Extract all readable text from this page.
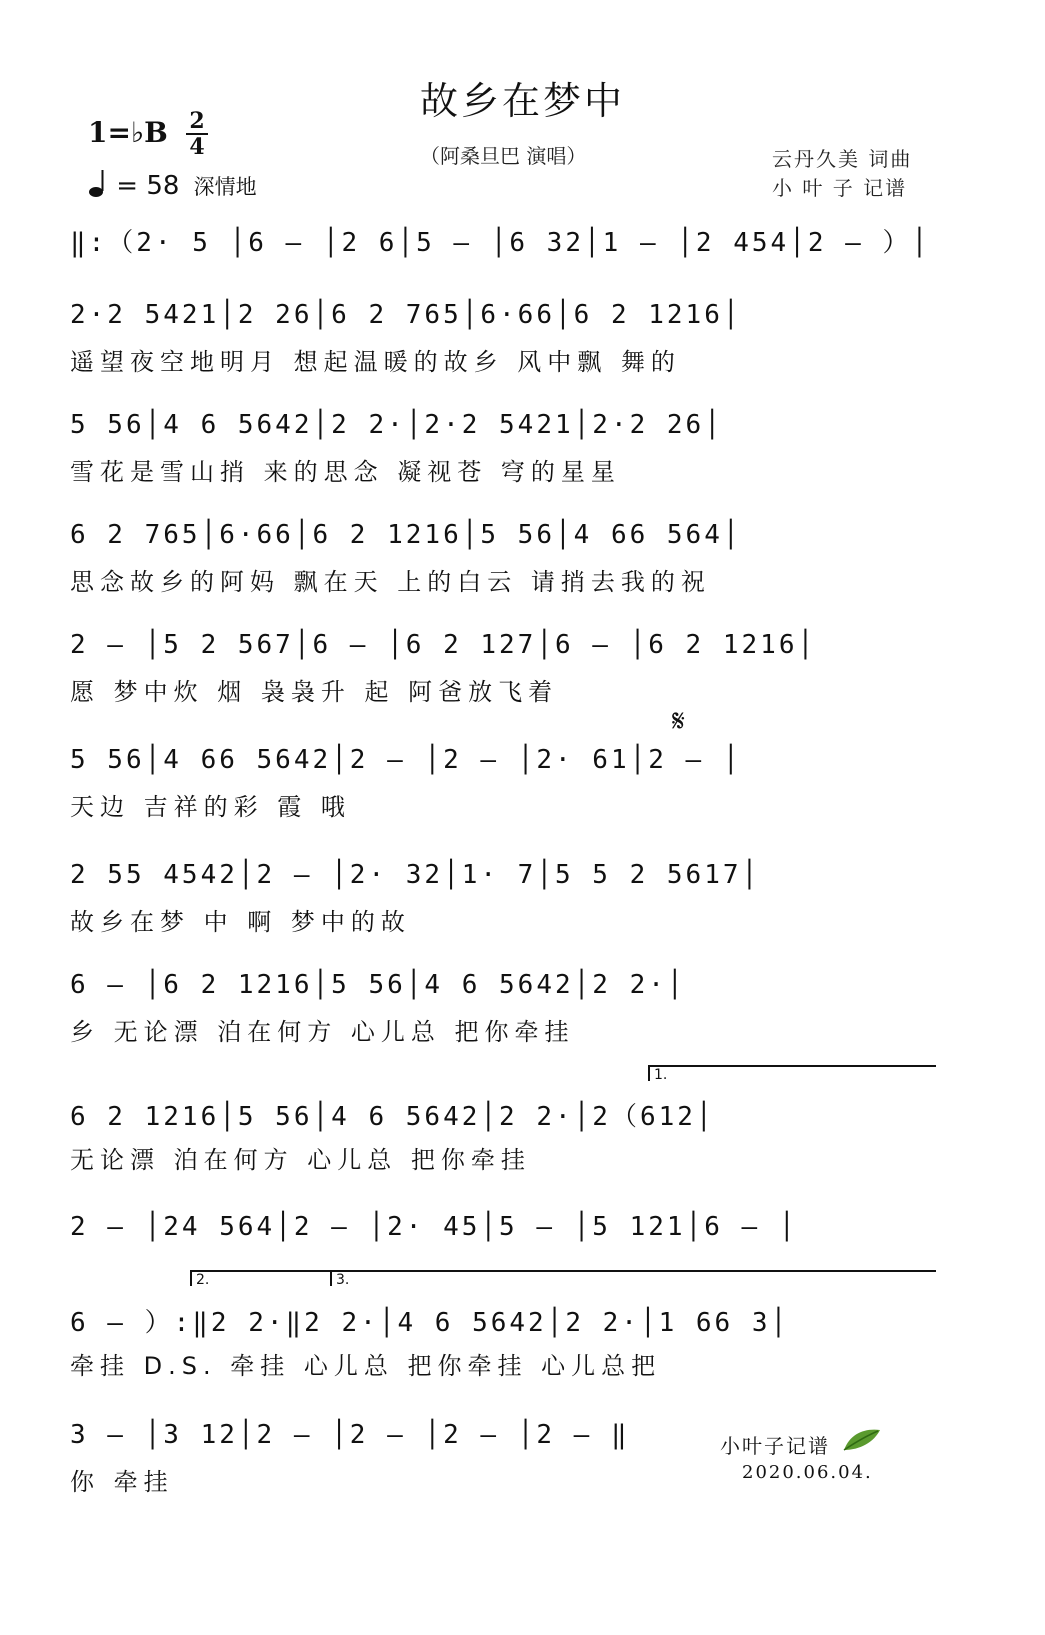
故乡在梦中
（阿桑旦巴 演唱）	云丹久美 词曲
小 叶 子 记谱
1=♭B 2
4
= 58 深情地
‖:（2· 5 │6 – │2 6│5 – │6 32│1 – │2 454│2 – ）│
2·2 5421│2 26│6 2 765│6·66│6 2 1216│
遥望夜空地明月 想起温暖的故乡 风中飘 舞的
5 56│4 6 5642│2 2·│2·2 5421│2·2 26│
雪花是雪山捎 来的思念 凝视苍 穹的星星
6 2 765│6·66│6 2 1216│5 56│4 66 564│
思念故乡的阿妈 飘在天 上的白云 请捎去我的祝
2 – │5 2 567│6 – │6 2 127│6 – │6 2 1216│
愿 梦中炊 烟 袅袅升 起 阿爸放飞着
𝄋
5 56│4 66 5642│2 – │2 – │2· 61│2 – │
天边 吉祥的彩 霞 哦
2 55 4542│2 – │2· 32│1· 7│5 5 2 5617│
故乡在梦 中 啊 梦中的故
6 – │6 2 1216│5 56│4 6 5642│2 2·│
乡 无论漂 泊在何方 心儿总 把你牵挂
1.
6 2 1216│5 56│4 6 5642│2 2·│2（612│
无论漂 泊在何方 心儿总 把你牵挂
2 – │24 564│2 – │2· 45│5 – │5 121│6 – │
2.	3.
6 – ）:‖2 2·‖2 2·│4 6 5642│2 2·│1 66 3│
牵挂 D.S. 牵挂 心儿总 把你牵挂 心儿总把
3 – │3 12│2 – │2 – │2 – │2 – ‖
你 牵挂
小叶子记谱
2020.06.04.
